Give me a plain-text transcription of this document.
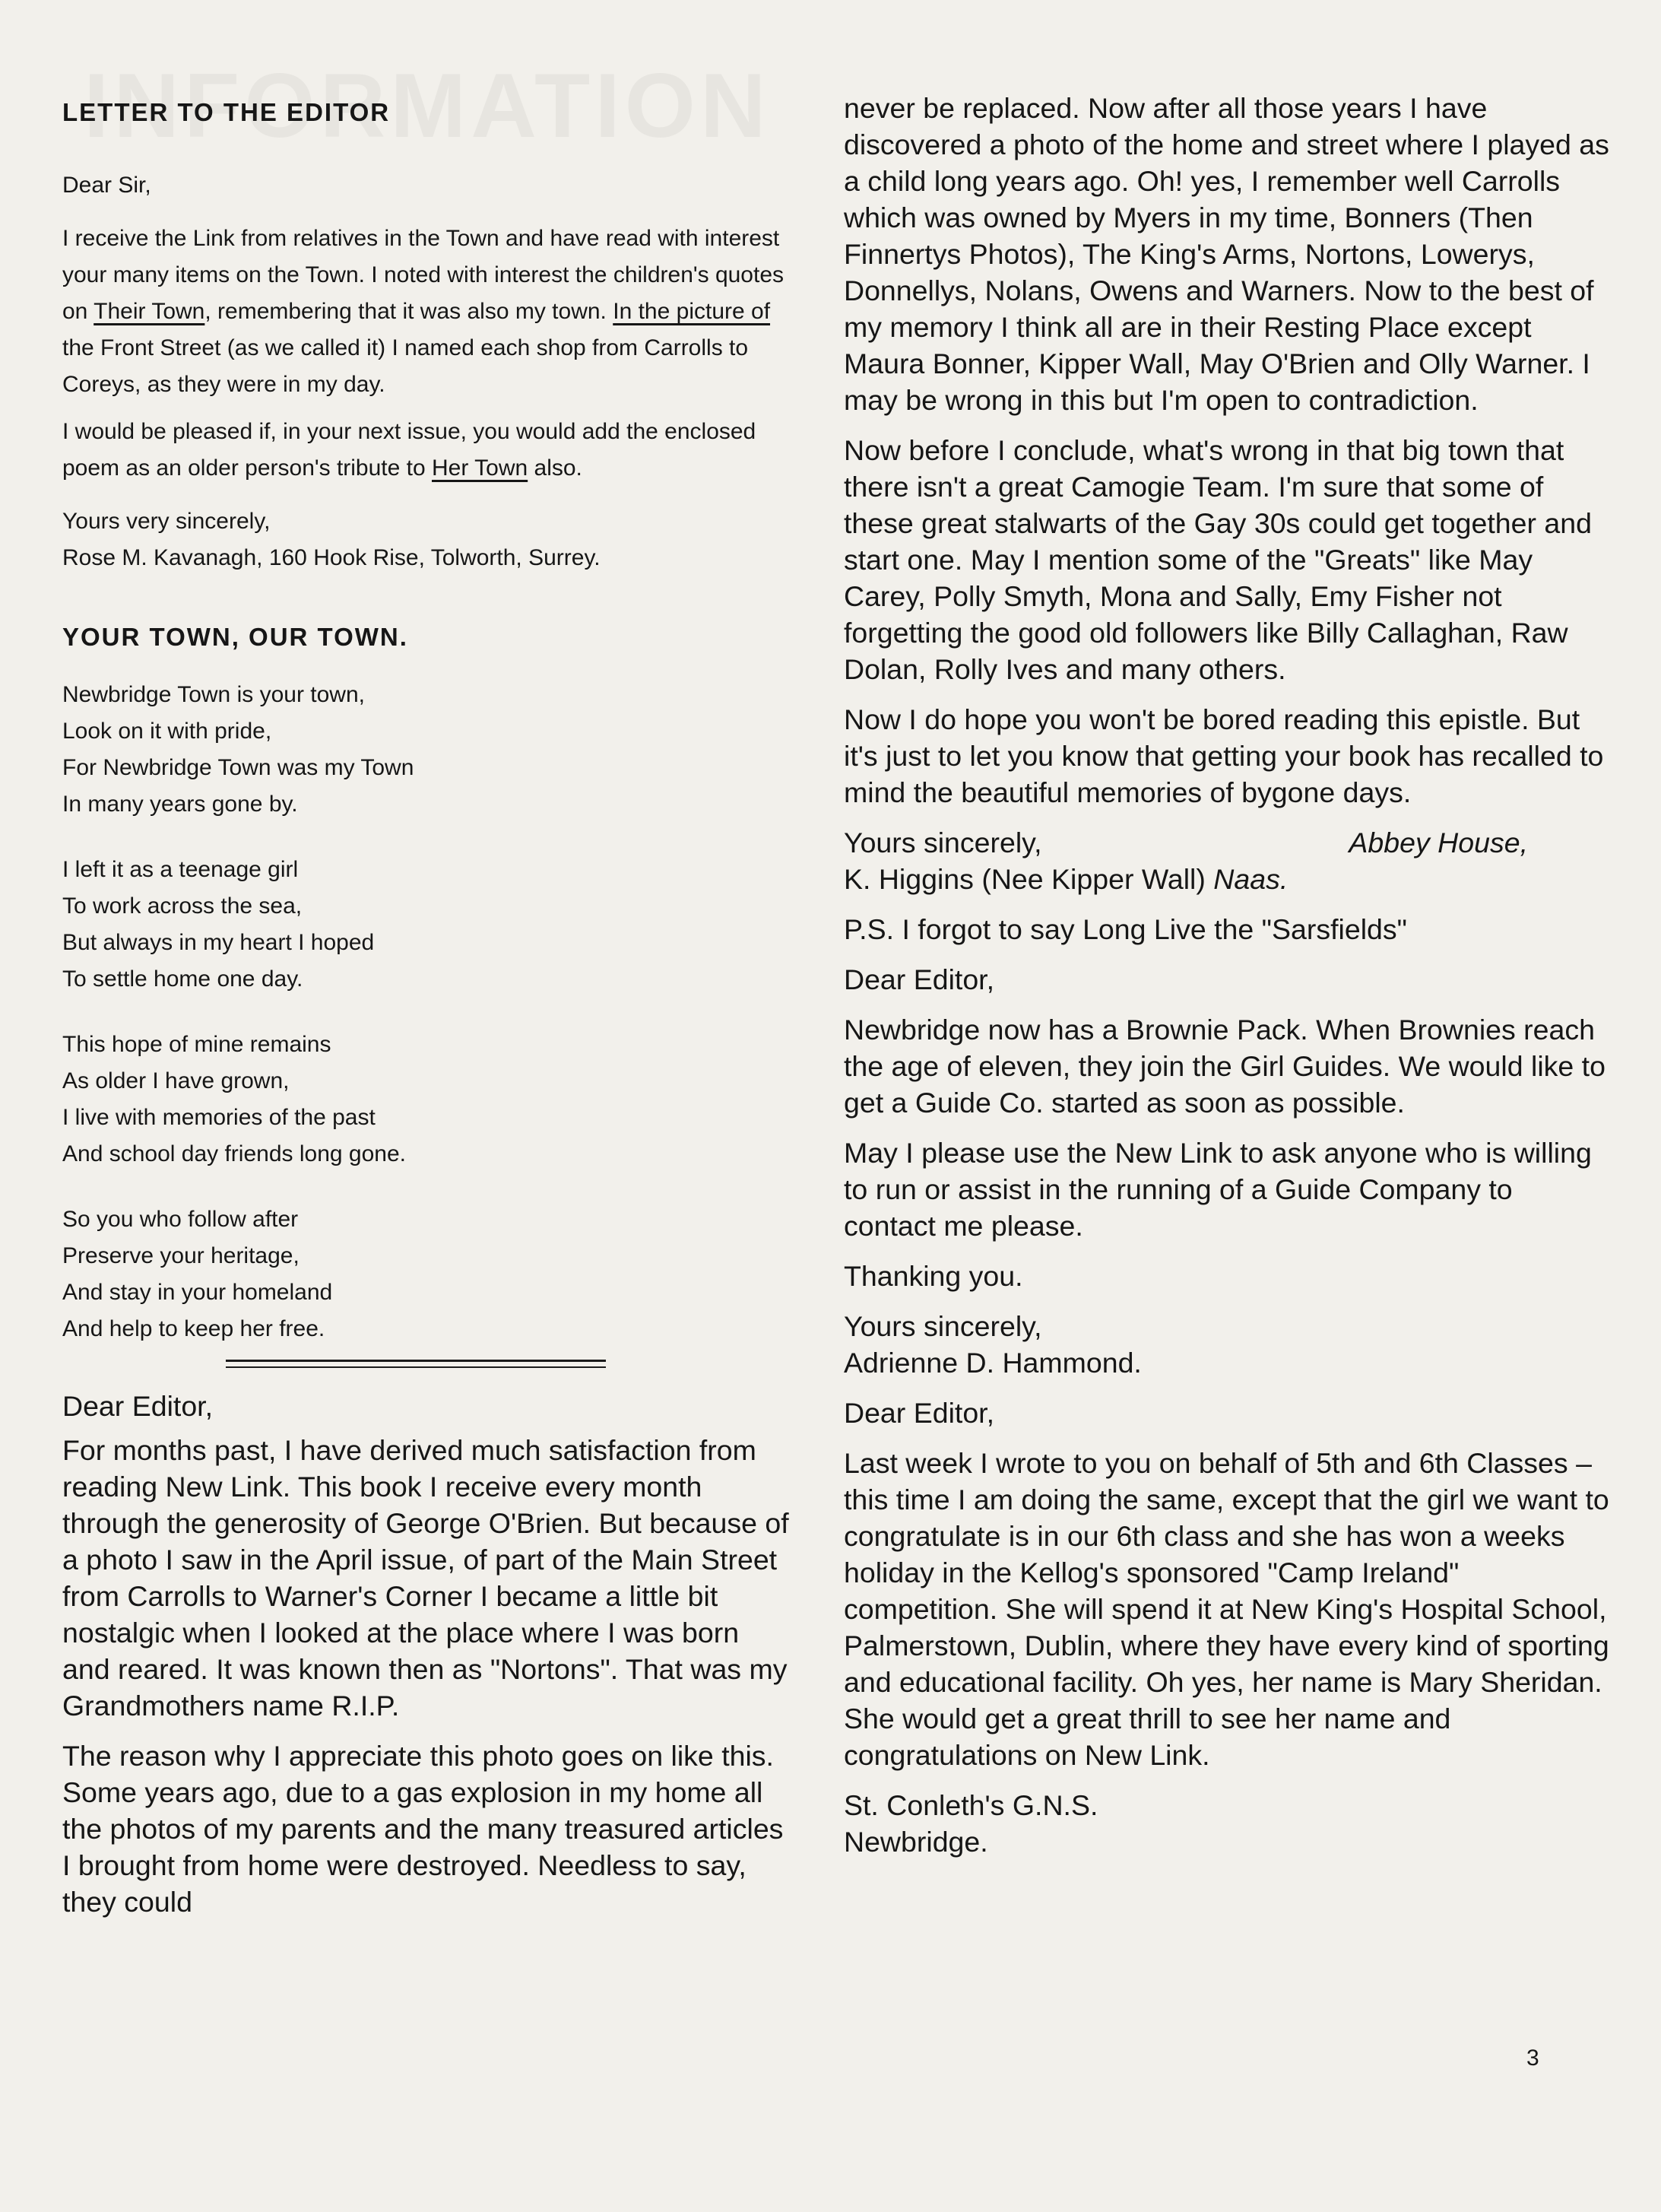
LETTER TO THE EDITOR

Dear Sir,

I receive the Link from relatives in the Town and have read with interest your many items on the Town. I noted with interest the children's quotes on Their Town, remembering that it was also my town. In the picture of the Front Street (as we called it) I named each shop from Carrolls to Coreys, as they were in my day.

I would be pleased if, in your next issue, you would add the enclosed poem as an older person's tribute to Her Town also.

Yours very sincerely,

Rose M. Kavanagh, 160 Hook Rise, Tolworth, Surrey.

YOUR TOWN, OUR TOWN.
Newbridge Town is your town,
Look on it with pride,
For Newbridge Town was my Town
In many years gone by.
I left it as a teenage girl
To work across the sea,
But always in my heart I hoped
To settle home one day.
This hope of mine remains
As older I have grown,
I live with memories of the past
And school day friends long gone.
So you who follow after
Preserve your heritage,
And stay in your homeland
And help to keep her free.

Dear Editor,

For months past, I have derived much satisfaction from reading New Link. This book I receive every month through the generosity of George O'Brien. But because of a photo I saw in the April issue, of part of the Main Street from Carrolls to Warner's Corner I became a little bit nostalgic when I looked at the place where I was born and reared. It was known then as "Nortons". That was my Grandmothers name R.I.P.

The reason why I appreciate this photo goes on like this. Some years ago, due to a gas explosion in my home all the photos of my parents and the many treasured articles I brought from home were destroyed. Needless to say, they could

never be replaced. Now after all those years I have discovered a photo of the home and street where I played as a child long years ago. Oh! yes, I remember well Carrolls which was owned by Myers in my time, Bonners (Then Finnertys Photos), The King's Arms, Nortons, Lowerys, Donnellys, Nolans, Owens and Warners. Now to the best of my memory I think all are in their Resting Place except Maura Bonner, Kipper Wall, May O'Brien and Olly Warner. I may be wrong in this but I'm open to contradiction.

Now before I conclude, what's wrong in that big town that there isn't a great Camogie Team. I'm sure that some of these great stalwarts of the Gay 30s could get together and start one. May I mention some of the "Greats" like May Carey, Polly Smyth, Mona and Sally, Emy Fisher not forgetting the good old followers like Billy Callaghan, Raw Dolan, Rolly Ives and many others.

Now I do hope you won't be bored reading this epistle. But it's just to let you know that getting your book has recalled to mind the beautiful memories of bygone days.

Yours sincerely,	Abbey House,
K. Higgins (Nee Kipper Wall) Naas.

P.S. I forgot to say Long Live the "Sarsfields"

Dear Editor,

Newbridge now has a Brownie Pack. When Brownies reach the age of eleven, they join the Girl Guides. We would like to get a Guide Co. started as soon as possible.

May I please use the New Link to ask anyone who is willing to run or assist in the running of a Guide Company to contact me please.

Thanking you.

Yours sincerely,
Adrienne D. Hammond.

Dear Editor,

Last week I wrote to you on behalf of 5th and 6th Classes – this time I am doing the same, except that the girl we want to congratulate is in our 6th class and she has won a weeks holiday in the Kellog's sponsored "Camp Ireland" competition. She will spend it at New King's Hospital School, Palmerstown, Dublin, where they have every kind of sporting and educational facility. Oh yes, her name is Mary Sheridan. She would get a great thrill to see her name and congratulations on New Link.

St. Conleth's G.N.S.
Newbridge.

3
